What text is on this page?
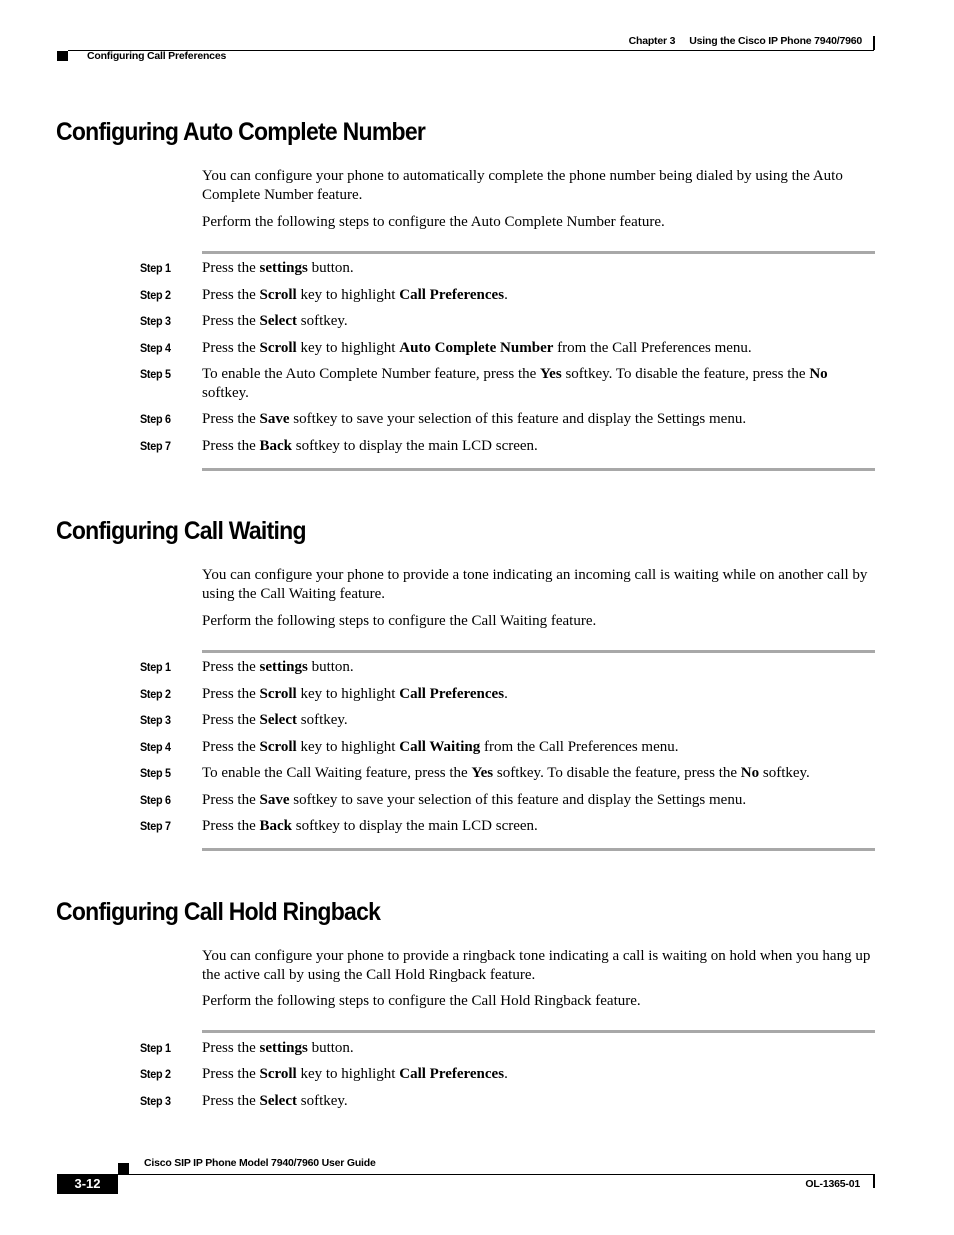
Chapter 3 Using the Cisco IP Phone 7940/7960
Configuring Call Preferences
Configuring Auto Complete Number

You can configure your phone to automatically complete the phone number being dialed by using the Auto Complete Number feature.

Perform the following steps to configure the Auto Complete Number feature.

Step 1 Press the settings button.

Step 2 Press the Scroll key to highlight Call Preferences.

Step 3 Press the Select softkey.

Step 4 Press the Scroll key to highlight Auto Complete Number from the Call Preferences menu.

Step 5 To enable the Auto Complete Number feature, press the Yes softkey. To disable the feature, press the No softkey.

Step 6 Press the Save softkey to save your selection of this feature and display the Settings menu.

Step 7 Press the Back softkey to display the main LCD screen.

Configuring Call Waiting

You can configure your phone to provide a tone indicating an incoming call is waiting while on another call by using the Call Waiting feature.

Perform the following steps to configure the Call Waiting feature.

Step 1 Press the settings button.

Step 2 Press the Scroll key to highlight Call Preferences.

Step 3 Press the Select softkey.

Step 4 Press the Scroll key to highlight Call Waiting from the Call Preferences menu.

Step 5 To enable the Call Waiting feature, press the Yes softkey. To disable the feature, press the No softkey.

Step 6 Press the Save softkey to save your selection of this feature and display the Settings menu.

Step 7 Press the Back softkey to display the main LCD screen.

Configuring Call Hold Ringback

You can configure your phone to provide a ringback tone indicating a call is waiting on hold when you hang up the active call by using the Call Hold Ringback feature.

Perform the following steps to configure the Call Hold Ringback feature.

Step 1 Press the settings button.

Step 2 Press the Scroll key to highlight Call Preferences.

Step 3 Press the Select softkey.

Cisco SIP IP Phone Model 7940/7960 User Guide
3-12	OL-1365-01
